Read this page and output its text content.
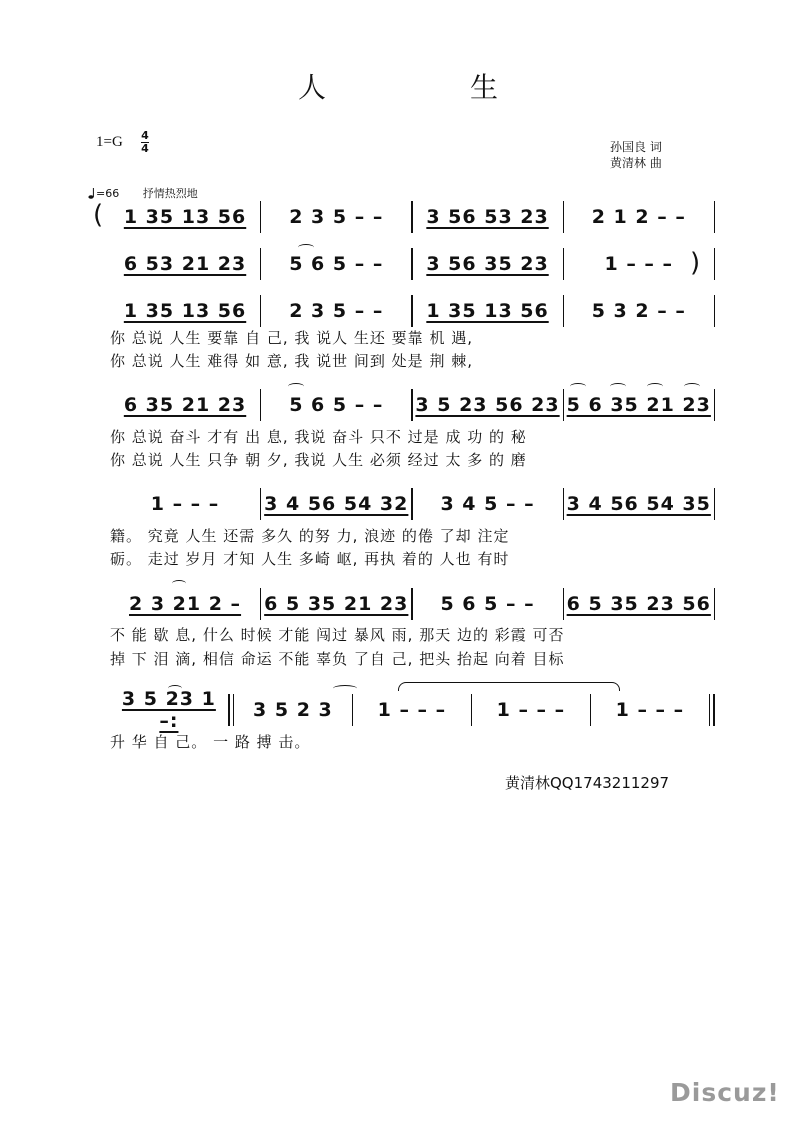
人	生
1=G 4
4	孙国良 词
黄清林 曲
=66 抒情热烈地
(
)
1 35 13 56	2 3 5 – –	3 56 53 23	2 1 2 – –
6 53 21 23	5 6 5 – –	3 56 35 23	1 – – –
1 35 13 56	2 3 5 – –	1 35 13 56	5 3 2 – –
你 总说 人生 要靠 自 己, 我 说人 生还 要靠 机 遇,
你 总说 人生 难得 如 意, 我 说世 间到 处是 荆 棘,
6 35 21 23	5 6 5 – –	3 5 23 56 23 5 6 35 21 23
你 总说 奋斗 才有 出 息, 我说 奋斗 只不 过是 成 功 的 秘
你 总说 人生 只争 朝 夕, 我说 人生 必须 经过 太 多 的 磨
1 – – –	3 4 56 54 32	3 4 5 – –	3 4 56 54 35
籍。 究竟 人生 还需 多久 的努 力, 浪迹 的倦 了却 注定
砺。 走过 岁月 才知 人生 多崎 岖, 再执 着的 人也 有时
2 3 21 2 –	6 5 35 21 23	5 6 5 – –	6 5 35 23 56
不 能 歇 息, 什么 时候 才能 闯过 暴风 雨, 那天 边的 彩霞 可否
掉 下 泪 滴, 相信 命运 不能 辜负 了自 己, 把头 抬起 向着 目标
3 5 23 1 –:	3 5 2 3	1 – – –	1 – – –	1 – – –
升 华 自 己。 一 路 搏 击。
黄清林QQ1743211297
Discuz!
